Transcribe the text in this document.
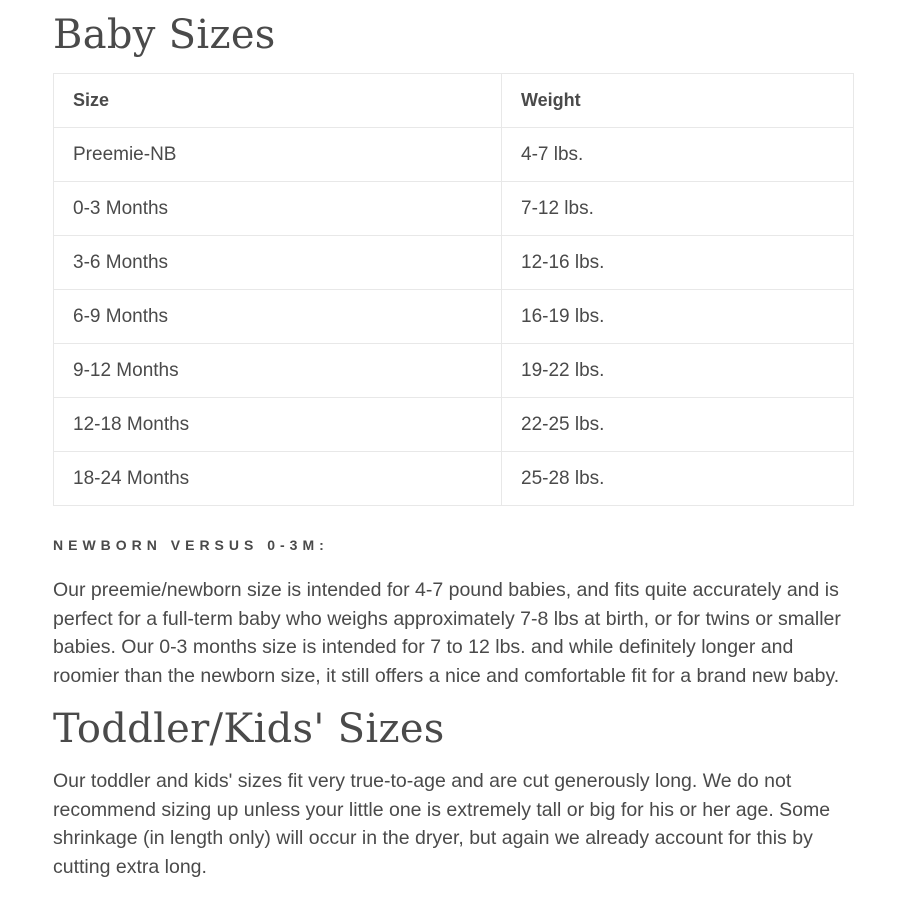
Baby Sizes
Size	Weight
Preemie-NB	4-7 lbs.
0-3 Months	7-12 lbs.
3-6 Months	12-16 lbs.
6-9 Months	16-19 lbs.
9-12 Months	19-22 lbs.
12-18 Months	22-25 lbs.
18-24 Months	25-28 lbs.
NEWBORN VERSUS 0-3M:

Our preemie/newborn size is intended for 4-7 pound babies, and fits quite accurately and is perfect for a full-term baby who weighs approximately 7-8 lbs at birth, or for twins or smaller babies. Our 0-3 months size is intended for 7 to 12 lbs. and while definitely longer and roomier than the newborn size, it still offers a nice and comfortable fit for a brand new baby.

Toddler/Kids' Sizes

Our toddler and kids' sizes fit very true-to-age and are cut generously long. We do not recommend sizing up unless your little one is extremely tall or big for his or her age. Some shrinkage (in length only) will occur in the dryer, but again we already account for this by cutting extra long.
